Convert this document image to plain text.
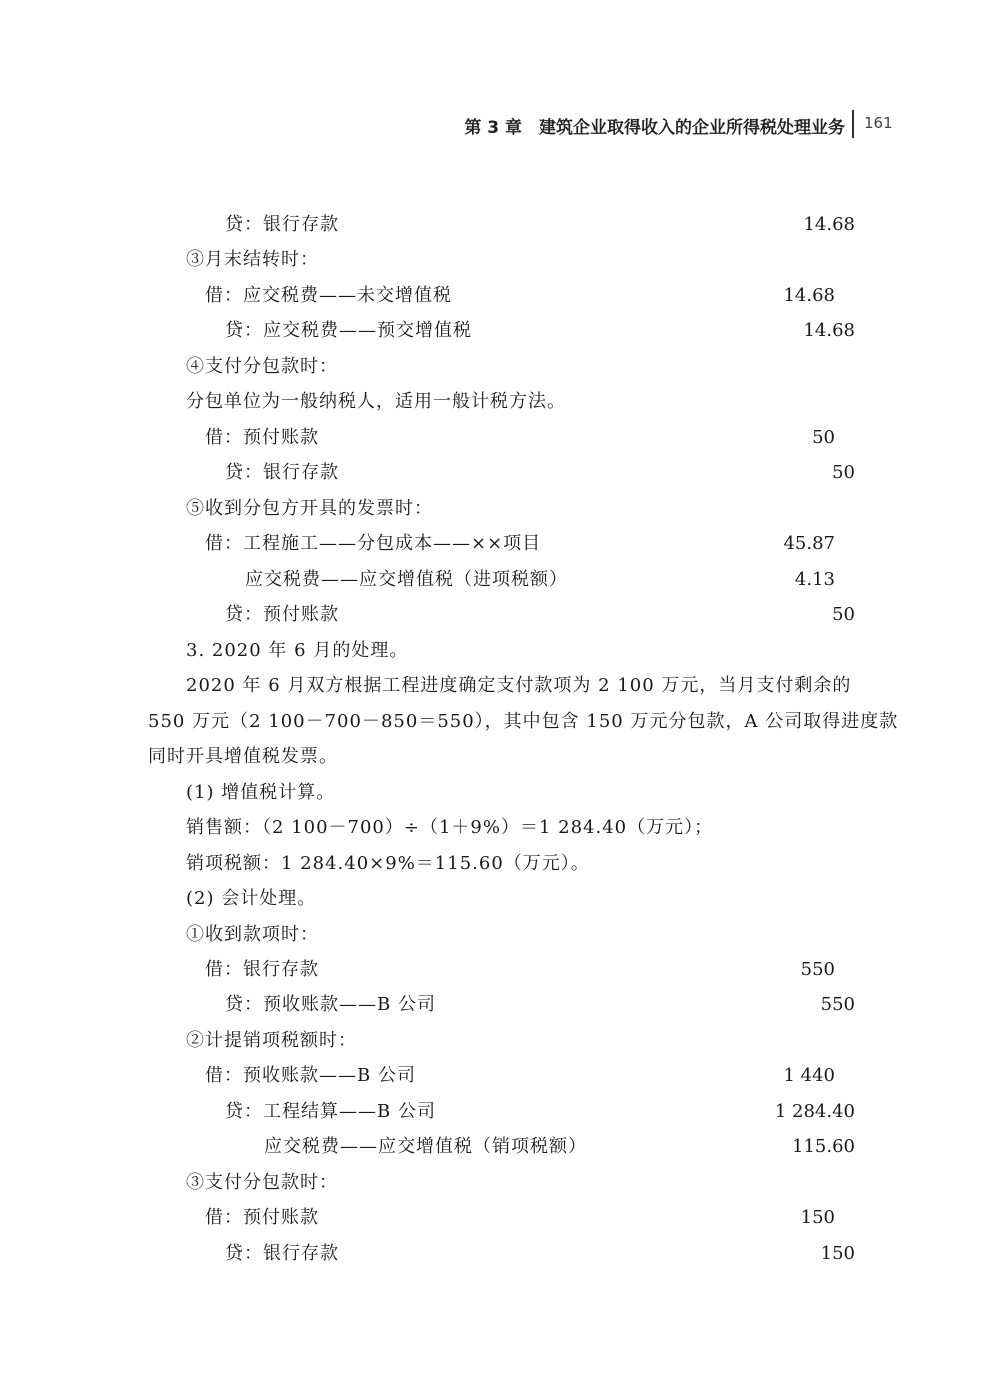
第 3 章　建筑企业取得收入的企业所得税处理业务 161
贷：银行存款	14.68
③月末结转时：
借：应交税费——未交增值税	14.68
贷：应交税费——预交增值税	14.68
④支付分包款时：
分包单位为一般纳税人，适用一般计税方法。
借：预付账款	50
贷：银行存款	50
⑤收到分包方开具的发票时：
借：工程施工——分包成本——××项目	45.87
应交税费——应交增值税（进项税额）	4.13
贷：预付账款	50
3. 2020 年 6 月的处理。
2020 年 6 月双方根据工程进度确定支付款项为 2 100 万元，当月支付剩余的
550 万元（2 100－700－850＝550），其中包含 150 万元分包款，A 公司取得进度款
同时开具增值税发票。
(1) 增值税计算。
销售额：（2 100－700）÷（1＋9%）＝1 284.40（万元）；
销项税额：1 284.40×9%＝115.60（万元）。
(2) 会计处理。
①收到款项时：
借：银行存款	550
贷：预收账款——B 公司	550
②计提销项税额时：
借：预收账款——B 公司	1 440
贷：工程结算——B 公司	1 284.40
应交税费——应交增值税（销项税额）	115.60
③支付分包款时：
借：预付账款	150
贷：银行存款	150
